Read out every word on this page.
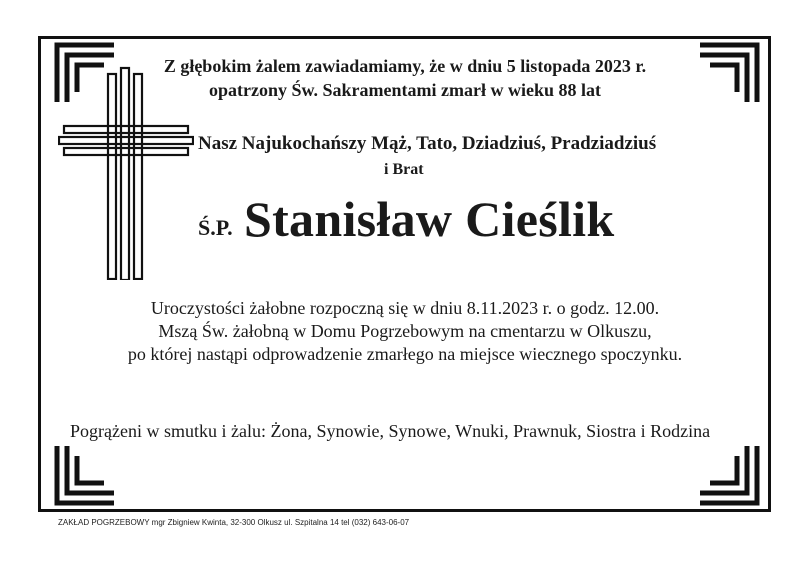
Z głębokim żalem zawiadamiamy, że w dniu 5 listopada 2023 r.
opatrzony Św. Sakramentami zmarł w wieku 88 lat
Nasz Najukochańszy Mąż, Tato, Dziadziuś, Pradziadziuś
i Brat
Ś.P. Stanisław Cieślik
Uroczystości żałobne rozpoczną się w dniu 8.11.2023 r. o godz. 12.00.
Mszą Św. żałobną w Domu Pogrzebowym na cmentarzu w Olkuszu,
po której nastąpi odprowadzenie zmarłego na miejsce wiecznego spoczynku.
Pogrążeni w smutku i żalu: Żona, Synowie, Synowe, Wnuki, Prawnuk, Siostra i Rodzina
ZAKŁAD POGRZEBOWY mgr Zbigniew Kwinta, 32-300 Olkusz ul. Szpitalna 14 tel (032) 643-06-07
